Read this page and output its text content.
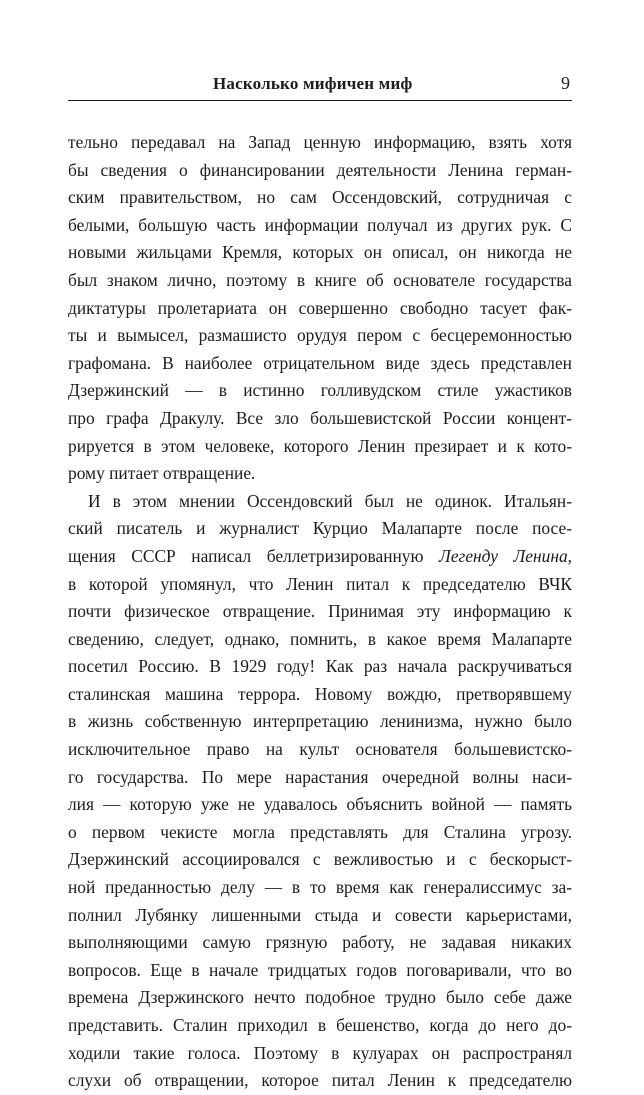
Насколько мифичен миф	9
тельно передавал на Запад ценную информацию, взять хотя
бы сведения о финансировании деятельности Ленина герман-
ским правительством, но сам Оссендовский, сотрудничая с
белыми, большую часть информации получал из других рук. С
новыми жильцами Кремля, которых он описал, он никогда не
был знаком лично, поэтому в книге об основателе государства
диктатуры пролетариата он совершенно свободно тасует фак-
ты и вымысел, размашисто орудуя пером с бесцеремонностью
графомана. В наиболее отрицательном виде здесь представлен
Дзержинский — в истинно голливудском стиле ужастиков
про графа Дракулу. Все зло большевистской России концент-
рируется в этом человеке, которого Ленин презирает и к кото-
рому питает отвращение.
И в этом мнении Оссендовский был не одинок. Итальян-
ский писатель и журналист Курцио Малапарте после посе-
щения СССР написал беллетризированную Легенду Ленина,
в которой упомянул, что Ленин питал к председателю ВЧК
почти физическое отвращение. Принимая эту информацию к
сведению, следует, однако, помнить, в какое время Малапарте
посетил Россию. В 1929 году! Как раз начала раскручиваться
сталинская машина террора. Новому вождю, претворявшему
в жизнь собственную интерпретацию ленинизма, нужно было
исключительное право на культ основателя большевистско-
го государства. По мере нарастания очередной волны наси-
лия — которую уже не удавалось объяснить войной — память
о первом чекисте могла представлять для Сталина угрозу.
Дзержинский ассоциировался с вежливостью и с бескорыст-
ной преданностью делу — в то время как генералиссимус за-
полнил Лубянку лишенными стыда и совести карьеристами,
выполняющими самую грязную работу, не задавая никаких
вопросов. Еще в начале тридцатых годов поговаривали, что во
времена Дзержинского нечто подобное трудно было себе даже
представить. Сталин приходил в бешенство, когда до него до-
ходили такие голоса. Поэтому в кулуарах он распространял
слухи об отвращении, которое питал Ленин к председателю
